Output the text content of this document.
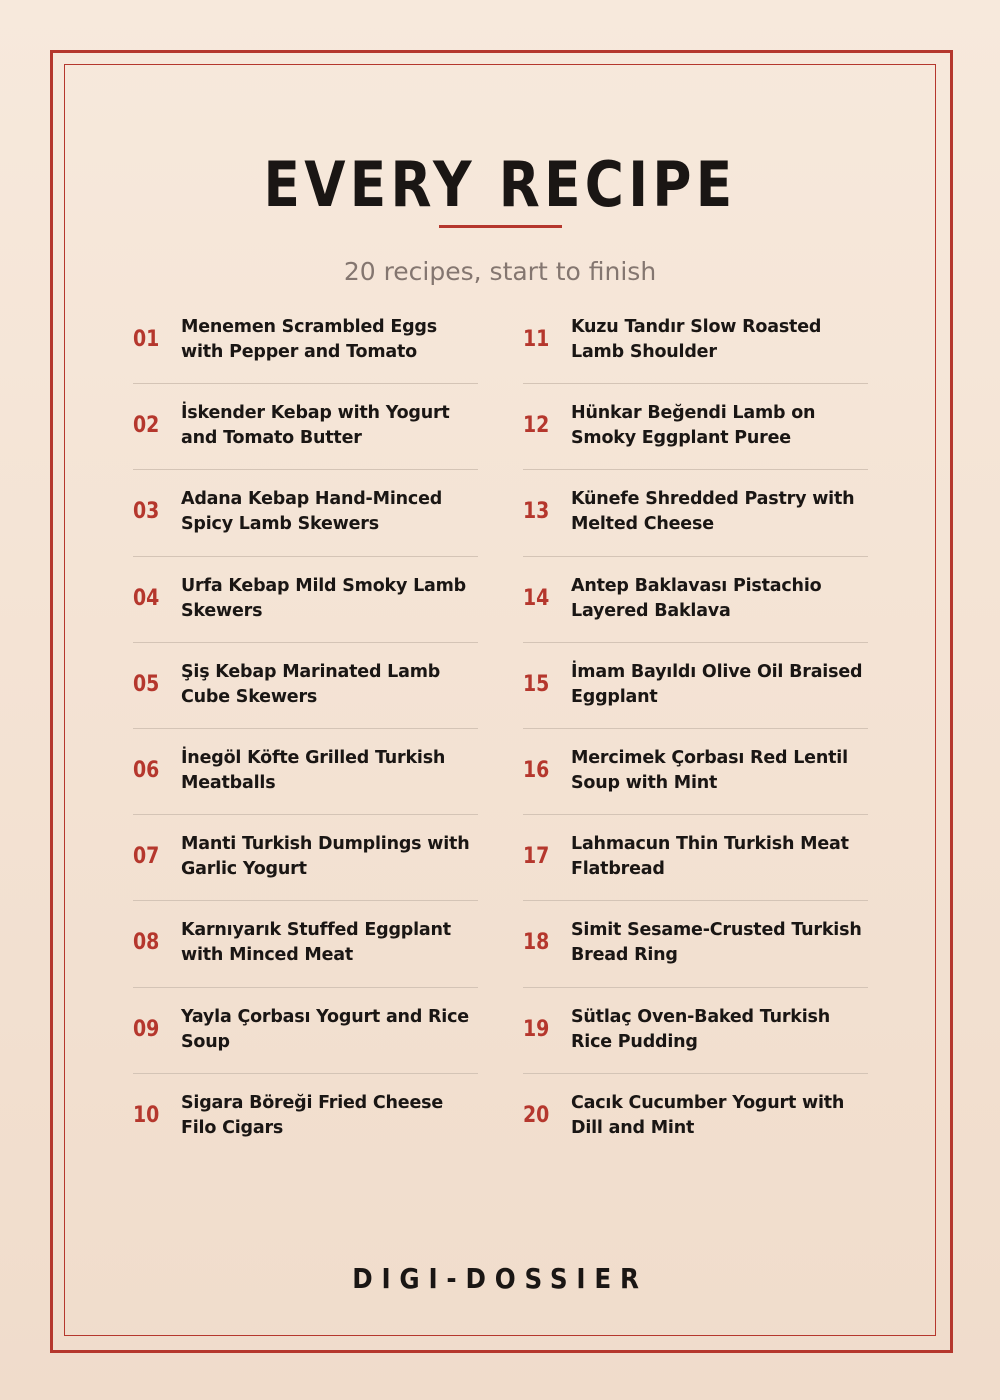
EVERY RECIPE
20 recipes, start to finish
01 Menemen Scrambled Eggs with Pepper and Tomato
02 İskender Kebap with Yogurt and Tomato Butter
03 Adana Kebap Hand-Minced Spicy Lamb Skewers
04 Urfa Kebap Mild Smoky Lamb Skewers
05 Şiş Kebap Marinated Lamb Cube Skewers
06 İnegöl Köfte Grilled Turkish Meatballs
07 Manti Turkish Dumplings with Garlic Yogurt
08 Karnıyarık Stuffed Eggplant with Minced Meat
09 Yayla Çorbası Yogurt and Rice Soup
10 Sigara Böreği Fried Cheese Filo Cigars
11 Kuzu Tandır Slow Roasted Lamb Shoulder
12 Hünkar Beğendi Lamb on Smoky Eggplant Puree
13 Künefe Shredded Pastry with Melted Cheese
14 Antep Baklavası Pistachio Layered Baklava
15 İmam Bayıldı Olive Oil Braised Eggplant
16 Mercimek Çorbası Red Lentil Soup with Mint
17 Lahmacun Thin Turkish Meat Flatbread
18 Simit Sesame-Crusted Turkish Bread Ring
19 Sütlaç Oven-Baked Turkish Rice Pudding
20 Cacık Cucumber Yogurt with Dill and Mint
DIGI-DOSSIER
